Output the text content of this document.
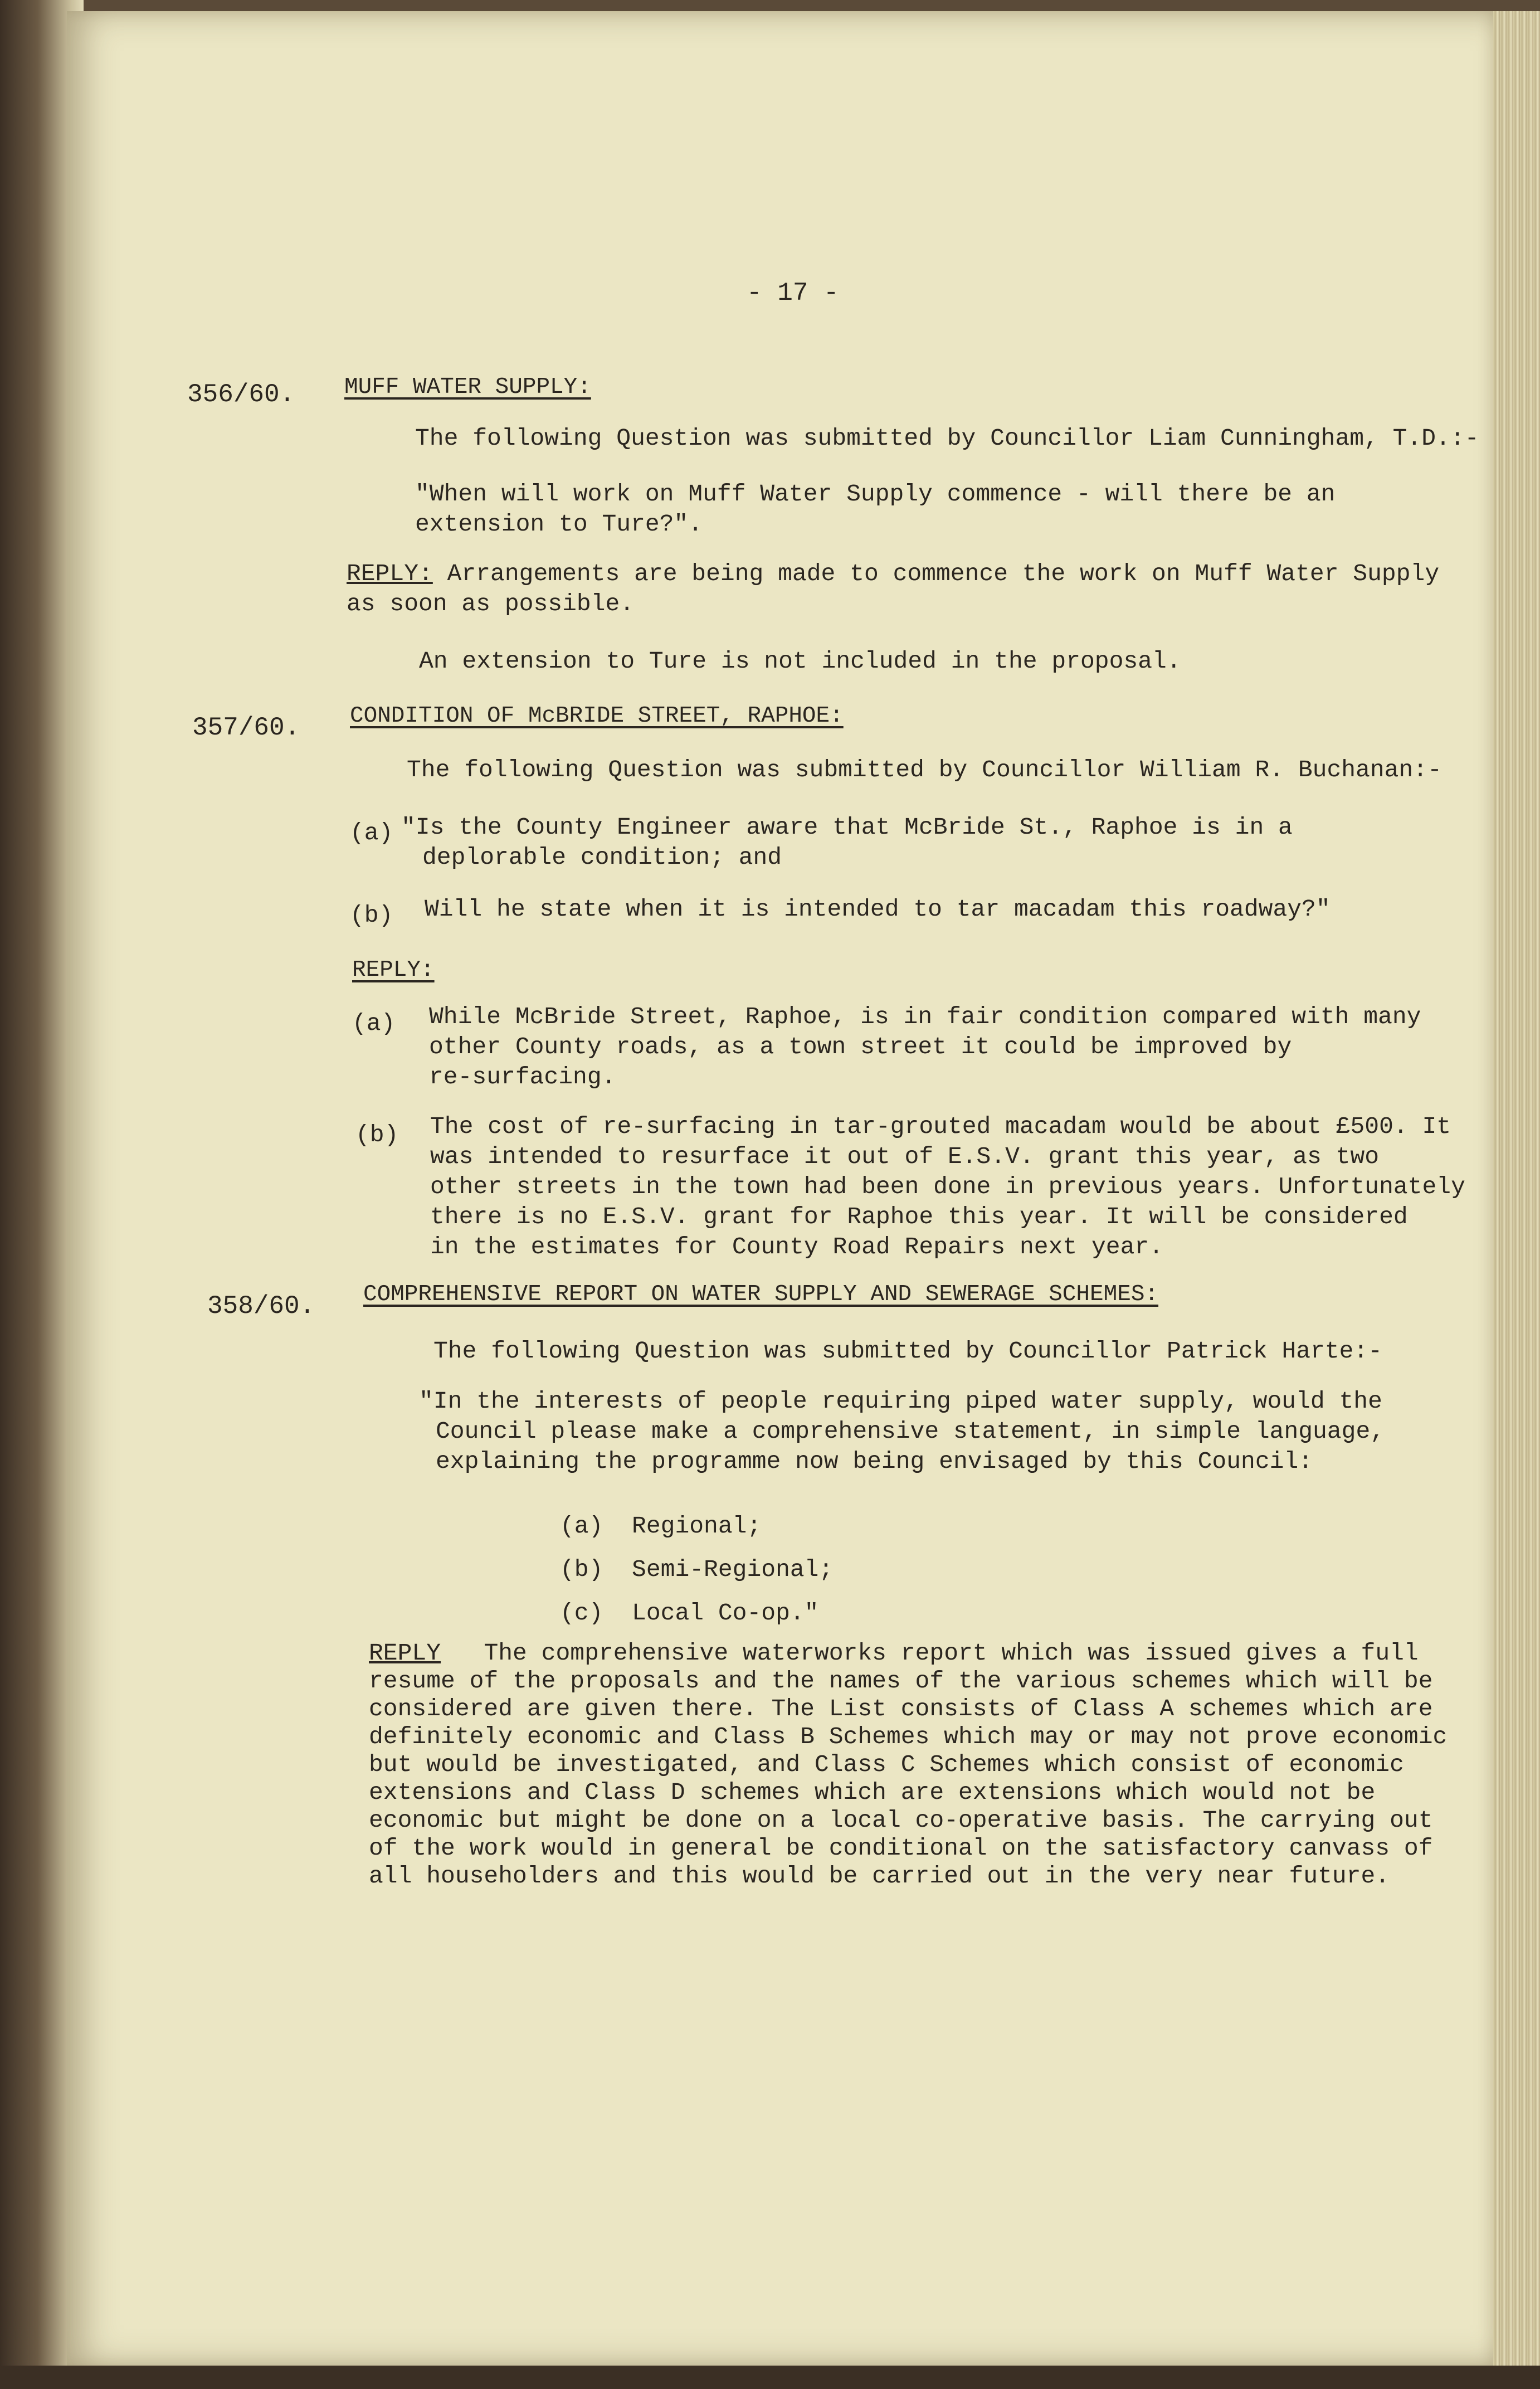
- 17 -
356/60. MUFF WATER SUPPLY:
The following Question was submitted by Councillor Liam Cunningham, T.D.:-
"When will work on Muff Water Supply commence - will there be an
extension to Ture?".
REPLY: Arrangements are being made to commence the work on Muff Water Supply
as soon as possible.
An extension to Ture is not included in the proposal.
357/60. CONDITION OF McBRIDE STREET, RAPHOE:
The following Question was submitted by Councillor William R. Buchanan:-
(a) "Is the County Engineer aware that McBride St., Raphoe is in a
deplorable condition; and
(b) Will he state when it is intended to tar macadam this roadway?"
REPLY:
(a) While McBride Street, Raphoe, is in fair condition compared with many
other County roads, as a town street it could be improved by
re-surfacing.
(b) The cost of re-surfacing in tar-grouted macadam would be about £500. It
was intended to resurface it out of E.S.V. grant this year, as two
other streets in the town had been done in previous years. Unfortunately
there is no E.S.V. grant for Raphoe this year. It will be considered
in the estimates for County Road Repairs next year.
358/60. COMPREHENSIVE REPORT ON WATER SUPPLY AND SEWERAGE SCHEMES:
The following Question was submitted by Councillor Patrick Harte:-
"In the interests of people requiring piped water supply, would the
Council please make a comprehensive statement, in simple language,
explaining the programme now being envisaged by this Council:
(a) Regional;
(b) Semi-Regional;
(c) Local Co-op."
REPLY The comprehensive waterworks report which was issued gives a full
resume of the proposals and the names of the various schemes which will be
considered are given there. The List consists of Class A schemes which are
definitely economic and Class B Schemes which may or may not prove economic
but would be investigated, and Class C Schemes which consist of economic
extensions and Class D schemes which are extensions which would not be
economic but might be done on a local co-operative basis. The carrying out
of the work would in general be conditional on the satisfactory canvass of
all householders and this would be carried out in the very near future.
